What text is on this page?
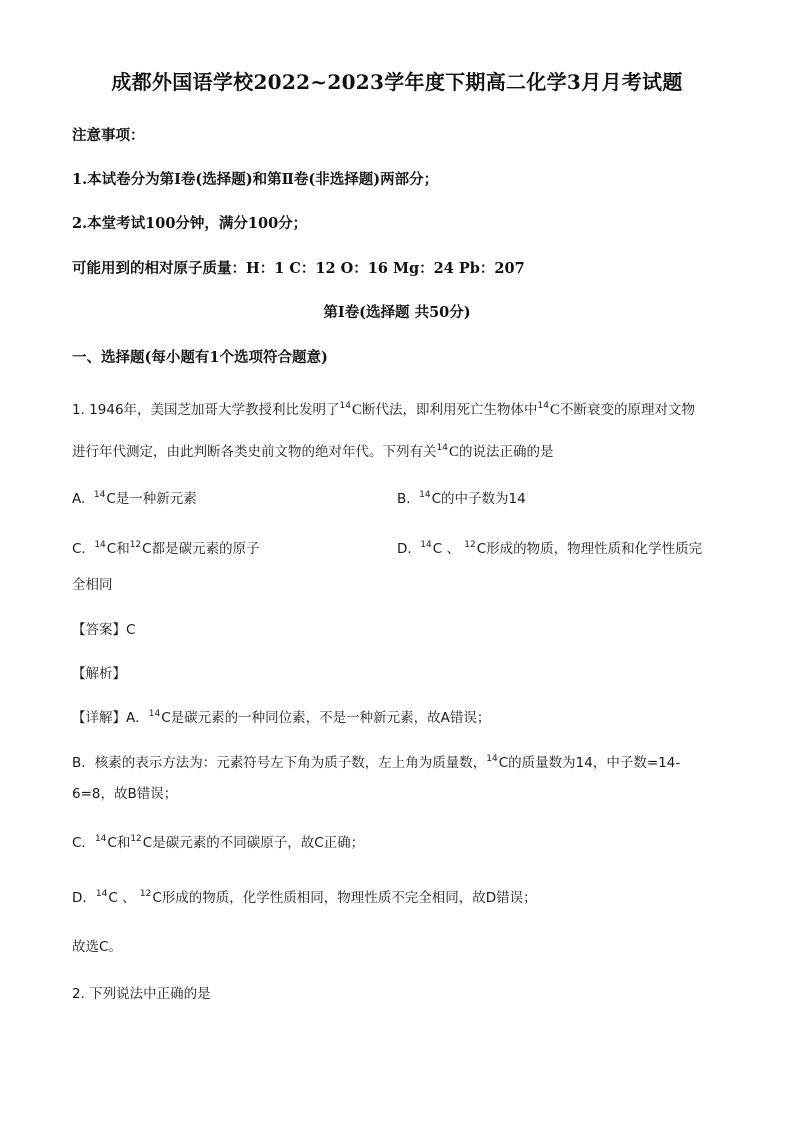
成都外国语学校2022~2023学年度下期高二化学3月月考试题
注意事项：
1.本试卷分为第I卷(选择题)和第Ⅱ卷(非选择题)两部分；
2.本堂考试100分钟，满分100分；
可能用到的相对原子质量：H：1 C：12 O：16 Mg：24 Pb：207
第I卷(选择题 共50分)
一、选择题(每小题有1个选项符合题意)
1. 1946年，美国芝加哥大学教授利比发明了$^{14}$C断代法，即利用死亡生物体中$^{14}$C不断衰变的原理对文物
进行年代测定，由此判断各类史前文物的绝对年代。下列有关$^{14}$C的说法正确的是
A. $^{14}$C是一种新元素	B. $^{14}$C的中子数为14
C. $^{14}$C和$^{12}$C都是碳元素的原子	D. $^{14}$C 、 $^{12}$C形成的物质，物理性质和化学性质完
全相同
【答案】C
【解析】
【详解】A．$^{14}$C是碳元素的一种同位素，不是一种新元素，故A错误；
B．核素的表示方法为：元素符号左下角为质子数，左上角为质量数，$^{14}$C的质量数为14，中子数=14-
6=8，故B错误；
C．$^{14}$C和$^{12}$C是碳元素的不同碳原子，故C正确；
D．$^{14}$C 、 $^{12}$C形成的物质，化学性质相同，物理性质不完全相同，故D错误；
故选C。
2. 下列说法中正确的是
